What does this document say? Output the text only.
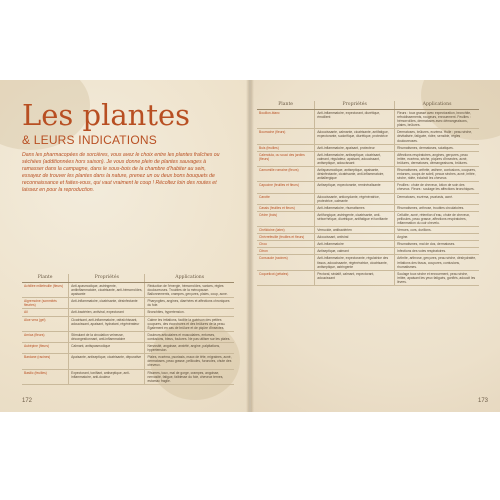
Les plantes
& LEURS INDICATIONS

Dans les pharmacopées de sorcières, vous avez le choix entre les plantes fraîches ou séchées (additionnées hors saison). Je vous donne plein de plantes sauvages à ramasser dans la campagne, dans le sous-bois de la chambre d'habiter au sein, essayez de trouver les plantes dans la nature, prenez un ou deux bons bouquets de reconnaissance et faites-vous, qui vaut vraiment le coup ! Récoltez loin des routes et laissez en pour la reproduction.

Plante	Propriétés	Applications
Achillée millefeuille (fleurs)	Anti-spasmodique, astringente, antiinflammatoire, cicatrisante, anti-hémorroïdes, apaisante	Réduction de l'énergie, hémorroïdes, varices, règles douloureuses. Troubles de la ménopause. Ballonnements, crampes, gerçures, plaies, coup, acne.
Aigremoine (sommités fleuries)	Anti-inflammatoire, cicatrisante, désinfectante	Pharyngites, angines, diarrhées et affections chroniques du foie.
Ail	Anti-bactérien, antiviral, expectorant	Bronchites, hypertension.
Aloe vera (gel)	Cicatrisant, anti-inflammatoire, rafraîchissant, adoucissant, apaisant, hydratant, régénérateur	Calme les irritations, facilite la guérison des petites coupures, des écorchures et des brûlures de la peau. Également en cas de brûlure et de piqûre d'insectes.
Arnica (fleurs)	Stimulant de la circulation veineuse, décongestionnant, anti-inflammatoire	Douleurs articulaires et musculaires, entorses, contusions, bleus, foulures. Ne pas utiliser sur les plaies.
Aubépine (fleurs)	Calmant, antispasmodique	Nervosité, angoisse, anxiété, angine, palpitations, hypertension.
Bardane (racines)	Apaisante, antiseptique, cicatrisante, dépurative	Plaies, eczéma, psoriasis, maux de tête, migraines, acné, dermatoses, peau grasse, pellicules, furoncles, chute des cheveux.
Basilic (feuilles)	Expectorant, tonifiant, antiseptique, anti-inflammatoire, anti-douleur	Rhumes, toux, mal de gorge, crampes, angoisse, nervosité, fatigue, faiblesse du foie, cheveux ternes, estomac fragile.
172
Plante	Propriétés	Applications
Bouillon-blanc	Anti-inflammatoire, expectorant, diurétique, émollient	Fleurs : toux grasse avec expectoration, bronchite, refroidissements, rougeurs, enrouement. Feuilles : hémorroïdes, dermatoses avec démangeaisons, plaies, brûlures.
Bourrache (fleurs)	Adoucissante, calmante, cicatrisante, antifatigue, expectorante, sudorifique, diurétique, protectrice	Dermatoses, brûlures, eczéma. Huile : peau sèche, dévitalisée, fatiguée, ridée, sensible, règles douloureuses.
Buis (feuilles)	Anti-inflammatoire, apaisant, protecteur	Rhumatismes, dermatoses, sciatiques.
Calendula, ou souci des jardins (fleurs)	Anti-inflammatoire, antiseptique, cicatrisant, calmant, régulateur, apaisant, adoucissant, antiseptique, adoucissant	Affections respiratoires, angines, gerçures, peau irritée, eczéma, sèche, piqûres d'insectes, acné, brûlures, dermatoses, démangeaisons, brûlures.
Camomille romaine (fleurs)	Antispasmodique, antiseptique, apaisante, désinfectante, cicatrisante, anti-inflammatoire, antiallergique	Rhumatismes, arthrite, asthme, contusions, coupures, entorses, coups de soleil, peaux sèches, acné, irritée, sèche, ridée, éclaircit les cheveux.
Capucine (feuilles et fleurs)	Antiseptique, expectorante, reminéralisante	Feuilles : chute de cheveux, lotion de soin des cheveux. Fleurs : soulage les affections bronchiques.
Carotte	Adoucissante, antioxydante, régénératrice, protectrice, calmante	Dermatoses, eczéma, psoriasis, acné.
Cassis (feuilles et fleurs)	Anti-inflammatoire, rhumatismes	Rhumatismes, arthrose, troubles circulatoires.
Cèdre (bois)	Antifongique, astringente, cicatrisante, anti-séborrhéique, diurétique, antifatigue et tonifiante	Cellulite, acné, rétention d'eau, chute de cheveux, pellicules, peau grasse, affections respiratoires, inflammation du cuir chevelu.
Chélidoine (latex)	Verrucide, antibactérien	Verrues, cors, durillons.
Chèvrefeuille (feuilles et fleurs)	Adoucissant, antiviral	Angine.
Chou	Anti-inflammatoire	Rhumatismes, mal de dos, dermatoses.
Citron	Antiseptique, calmant	Infections des voies respiratoires.
Consoude (racines)	Anti-inflammatoire, expectorante, régulatrice des tissus, adoucissante, régénératrice, cicatrisante, antiseptique, astringente	Arthrite, arthrose, gerçures, peau sèche, déshydratée, irritations des tissus, coupures, contusions, rhumatismes.
Coquelicot (pétales)	Pectoral, sédatif, calmant, expectorant, adoucissant	Soulage toux sèche et enrouement, peau sèche, irritée, apaisant les yeux fatigués, gonflés, adoucit les lèvres.
173
